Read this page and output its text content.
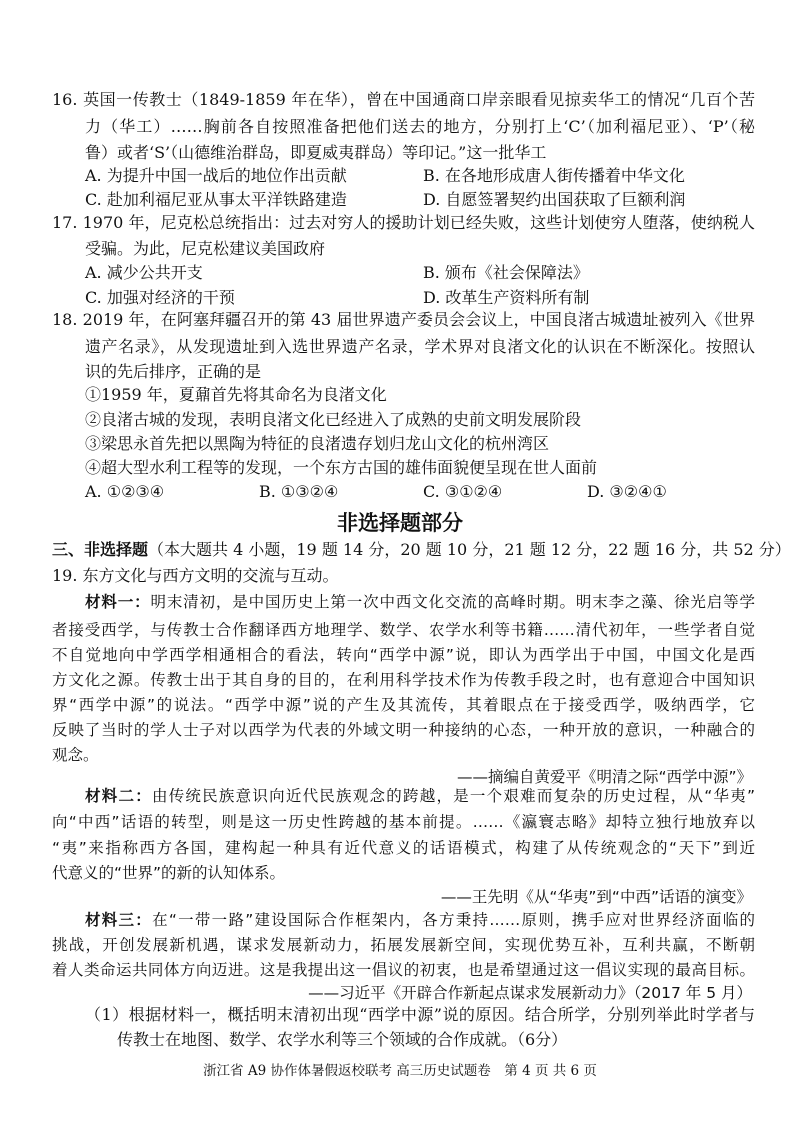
16. 英国一传教士（1849-1859 年在华），曾在中国通商口岸亲眼看见掠卖华工的情况“几百个苦
力（华工）……胸前各自按照准备把他们送去的地方，分别打上‘C’（加利福尼亚）、‘P’（秘
鲁）或者‘S’（山德维治群岛，即夏威夷群岛）等印记。”这一批华工
A. 为提升中国一战后的地位作出贡献	B. 在各地形成唐人街传播着中华文化
C. 赴加利福尼亚从事太平洋铁路建造	D. 自愿签署契约出国获取了巨额利润
17. 1970 年，尼克松总统指出：过去对穷人的援助计划已经失败，这些计划使穷人堕落，使纳税人
受骗。为此，尼克松建议美国政府
A. 减少公共开支	B. 颁布《社会保障法》
C. 加强对经济的干预	D. 改革生产资料所有制
18. 2019 年，在阿塞拜疆召开的第 43 届世界遗产委员会会议上，中国良渚古城遗址被列入《世界
遗产名录》，从发现遗址到入选世界遗产名录，学术界对良渚文化的认识在不断深化。按照认
识的先后排序，正确的是
①1959 年，夏鼐首先将其命名为良渚文化
②良渚古城的发现，表明良渚文化已经进入了成熟的史前文明发展阶段
③梁思永首先把以黑陶为特征的良渚遗存划归龙山文化的杭州湾区
④超大型水利工程等的发现，一个东方古国的雄伟面貌便呈现在世人面前
A. ①②③④	B. ①③②④	C. ③①②④	D. ③②④①
非选择题部分
三、非选择题（本大题共 4 小题，19 题 14 分，20 题 10 分，21 题 12 分，22 题 16 分，共 52 分）
19. 东方文化与西方文明的交流与互动。
材料一：明末清初，是中国历史上第一次中西文化交流的高峰时期。明末李之藻、徐光启等学
者接受西学，与传教士合作翻译西方地理学、数学、农学水利等书籍……清代初年，一些学者自觉
不自觉地向中学西学相通相合的看法，转向“西学中源”说，即认为西学出于中国，中国文化是西
方文化之源。传教士出于其自身的目的，在利用科学技术作为传教手段之时，也有意迎合中国知识
界“西学中源”的说法。“西学中源”说的产生及其流传，其着眼点在于接受西学，吸纳西学，它
反映了当时的学人士子对以西学为代表的外域文明一种接纳的心态，一种开放的意识，一种融合的
观念。
——摘编自黄爱平《明清之际“西学中源”》
材料二：由传统民族意识向近代民族观念的跨越，是一个艰难而复杂的历史过程，从“华夷”
向“中西”话语的转型，则是这一历史性跨越的基本前提。……《瀛寰志略》却特立独行地放弃以
“夷”来指称西方各国，建构起一种具有近代意义的话语模式，构建了从传统观念的“天下”到近
代意义的“世界”的新的认知体系。
——王先明《从“华夷”到“中西”话语的演变》
材料三：在“一带一路”建设国际合作框架内，各方秉持……原则，携手应对世界经济面临的
挑战，开创发展新机遇，谋求发展新动力，拓展发展新空间，实现优势互补，互利共赢，不断朝
着人类命运共同体方向迈进。这是我提出这一倡议的初衷，也是希望通过这一倡议实现的最高目标。
——习近平《开辟合作新起点谋求发展新动力》（2017 年 5 月）
（1）根据材料一，概括明末清初出现“西学中源”说的原因。结合所学，分别列举此时学者与
传教士在地图、数学、农学水利等三个领域的合作成就。（6分）
浙江省 A9 协作体暑假返校联考 高三历史试题卷　第 4 页 共 6 页
